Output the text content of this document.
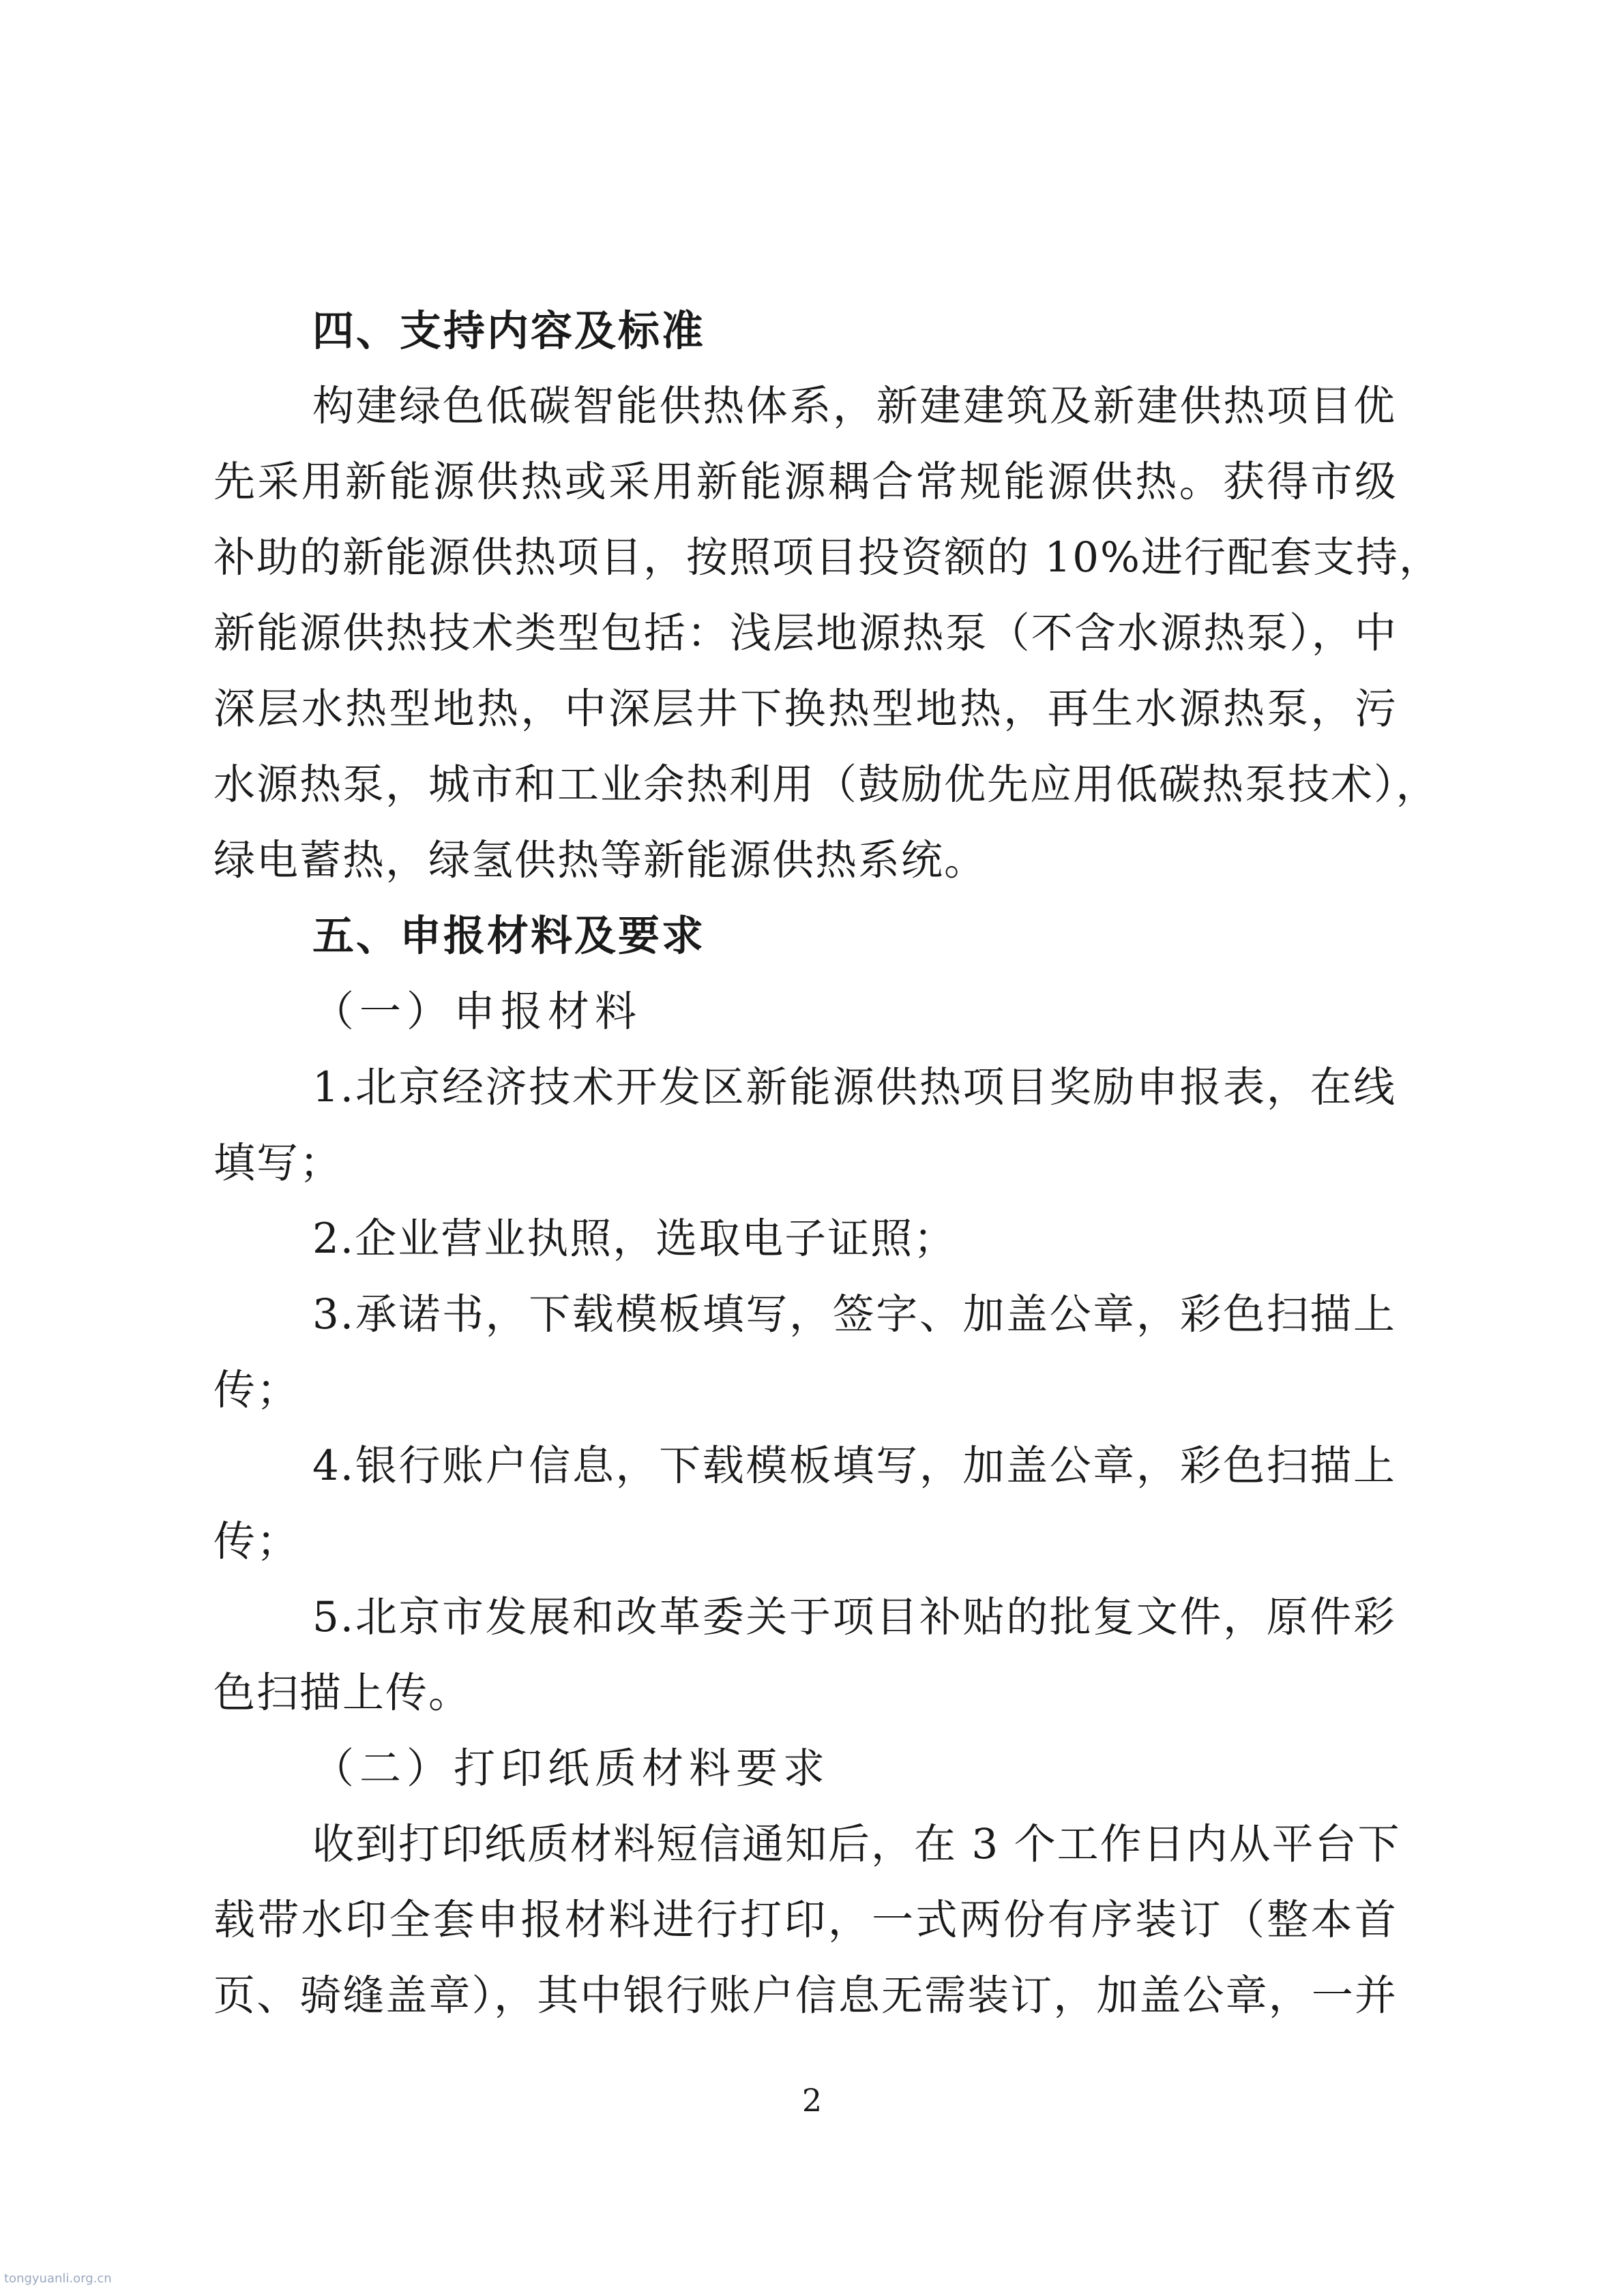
四、支持内容及标准

构建绿色低碳智能供热体系，新建建筑及新建供热项目优

先采用新能源供热或采用新能源耦合常规能源供热。获得市级

补助的新能源供热项目，按照项目投资额的 10%进行配套支持，

新能源供热技术类型包括：浅层地源热泵（不含水源热泵），中

深层水热型地热，中深层井下换热型地热，再生水源热泵，污

水源热泵，城市和工业余热利用（鼓励优先应用低碳热泵技术），

绿电蓄热，绿氢供热等新能源供热系统。

五、申报材料及要求

（一）申报材料

1.北京经济技术开发区新能源供热项目奖励申报表，在线

填写；

2.企业营业执照，选取电子证照；

3.承诺书，下载模板填写，签字、加盖公章，彩色扫描上

传；

4.银行账户信息，下载模板填写，加盖公章，彩色扫描上

传；

5.北京市发展和改革委关于项目补贴的批复文件，原件彩

色扫描上传。

（二）打印纸质材料要求

收到打印纸质材料短信通知后，在 3 个工作日内从平台下

载带水印全套申报材料进行打印，一式两份有序装订（整本首

页、骑缝盖章），其中银行账户信息无需装订，加盖公章，一并

2
tongyuanli.org.cn
